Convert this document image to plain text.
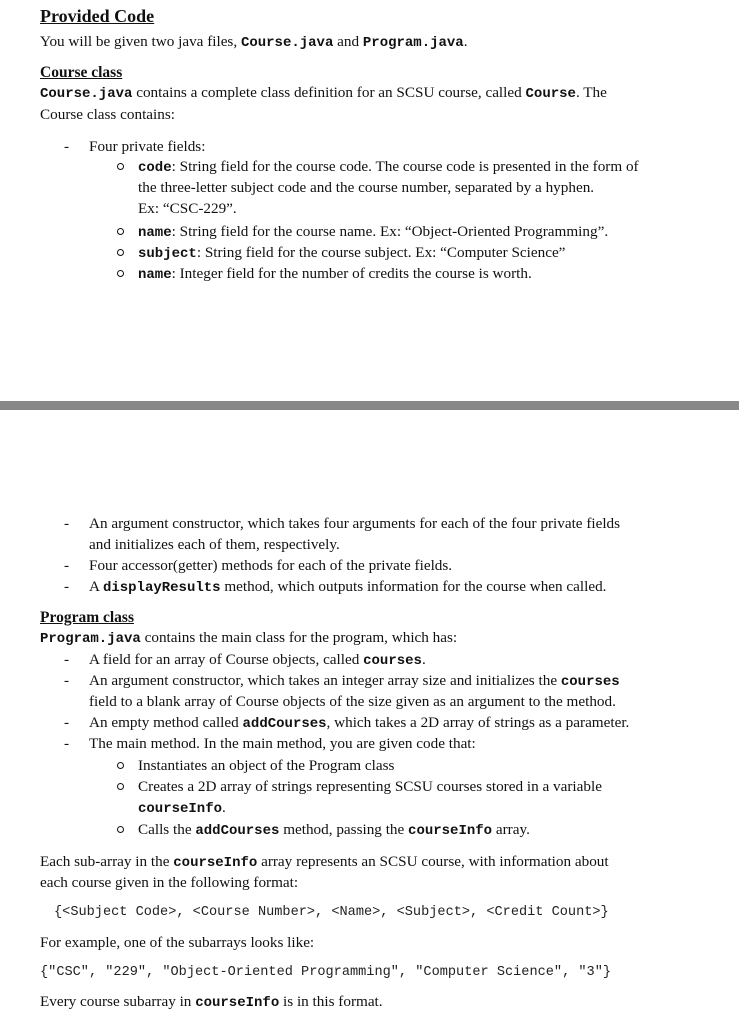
Provided Code
You will be given two java files, Course.java and Program.java.
Course class
Course.java contains a complete class definition for an SCSU course, called Course. The
Course class contains:
- Four private fields:
code: String field for the course code. The course code is presented in the form of
the three-letter subject code and the course number, separated by a hyphen.
Ex: “CSC-229”.
name: String field for the course name. Ex: “Object-Oriented Programming”.
subject: String field for the course subject. Ex: “Computer Science”
name: Integer field for the number of credits the course is worth.
- An argument constructor, which takes four arguments for each of the four private fields
and initializes each of them, respectively.
- Four accessor(getter) methods for each of the private fields.
- A displayResults method, which outputs information for the course when called.
Program class
Program.java contains the main class for the program, which has:
- A field for an array of Course objects, called courses.
- An argument constructor, which takes an integer array size and initializes the courses
field to a blank array of Course objects of the size given as an argument to the method.
- An empty method called addCourses, which takes a 2D array of strings as a parameter.
- The main method. In the main method, you are given code that:
Instantiates an object of the Program class
Creates a 2D array of strings representing SCSU courses stored in a variable
courseInfo.
Calls the addCourses method, passing the courseInfo array.
Each sub-array in the courseInfo array represents an SCSU course, with information about
each course given in the following format:
{<Subject Code>, <Course Number>, <Name>, <Subject>, <Credit Count>}
For example, one of the subarrays looks like:
{"CSC", "229", "Object-Oriented Programming", "Computer Science", "3"}
Every course subarray in courseInfo is in this format.
